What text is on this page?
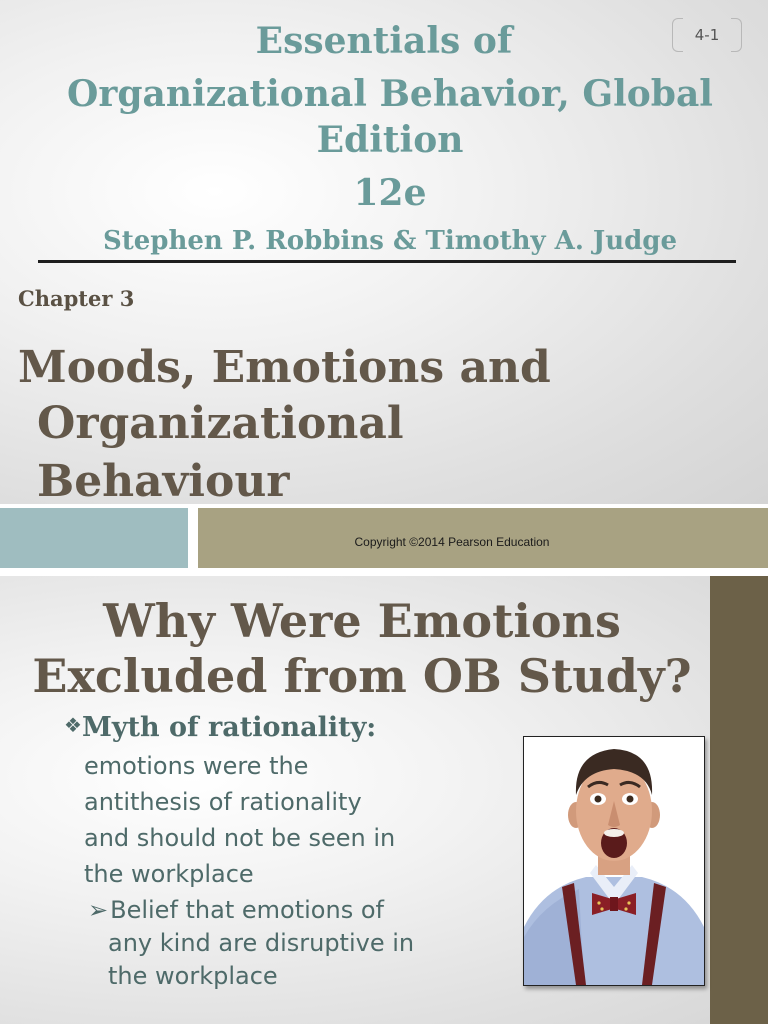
4-1
Essentials of
Organizational Behavior, Global
Edition
12e
Stephen P. Robbins & Timothy A. Judge
Chapter 3
Moods, Emotions and
Organizational
Behaviour
Copyright ©2014 Pearson Education
Why Were Emotions
Excluded from OB Study?
❖Myth of rationality:
emotions were the
antithesis of rationality
and should not be seen in
the workplace
➢Belief that emotions of
any kind are disruptive in
the workplace
